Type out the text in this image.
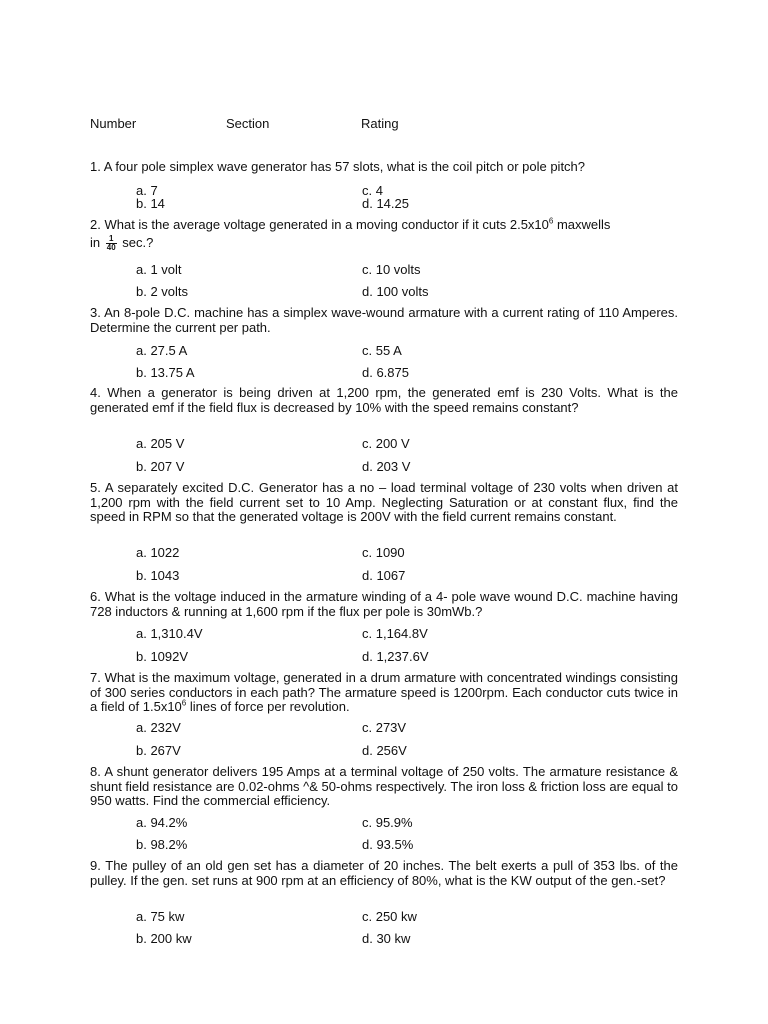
Number	Section	Rating

1. A four pole simplex wave generator has 57 slots, what is the coil pitch or pole pitch?

a. 7
b. 14
c. 4
d. 14.25

2. What is the average voltage generated in a moving conductor if it cuts $2.5x10^6$ maxwells

in $\frac{1}{40} \sec$.?

a. 1 volt
b. 2 volts
c. 10 volts
d. 100 volts

3. An 8-pole D.C. machine has a simplex wave-wound armature with a current rating of 110 Amperes. Determine the current per path.

a. 27.5 A
b. 13.75 A
c. 55 A
d. 6.875

4. When a generator is being driven at 1,200 rpm, the generated emf is 230 Volts. What is the generated emf if the field flux is decreased by 10% with the speed remains constant?

a. 205 V
b. 207 V
c. 200 V
d. 203 V

5. A separately excited D.C. Generator has a no – load terminal voltage of 230 volts when driven at 1,200 rpm with the field current set to 10 Amp. Neglecting Saturation or at constant flux, find the speed in RPM so that the generated voltage is 200V with the field current remains constant.

a. 1022
b. 1043
c. 1090
d. 1067

6. What is the voltage induced in the armature winding of a 4- pole wave wound D.C. machine having 728 inductors & running at 1,600 rpm if the flux per pole is 30mWb.?

a. 1,310.4V
b. 1092V
c. 1,164.8V
d. 1,237.6V

7. What is the maximum voltage, generated in a drum armature with concentrated windings consisting of 300 series conductors in each path? The armature speed is 1200rpm. Each conductor cuts twice in a field of $1.5x10^6$ lines of force per revolution.

a. 232V
b. 267V
c. 273V
d. 256V

8. A shunt generator delivers 195 Amps at a terminal voltage of 250 volts. The armature resistance & shunt field resistance are 0.02-ohms ^& 50-ohms respectively. The iron loss & friction loss are equal to 950 watts. Find the commercial efficiency.

a. 94.2%
b. 98.2%
c. 95.9%
d. 93.5%

9. The pulley of an old gen set has a diameter of 20 inches. The belt exerts a pull of 353 lbs. of the pulley. If the gen. set runs at 900 rpm at an efficiency of 80%, what is the KW output of the gen.-set?

a. 75 kw
b. 200 kw
c. 250 kw
d. 30 kw
